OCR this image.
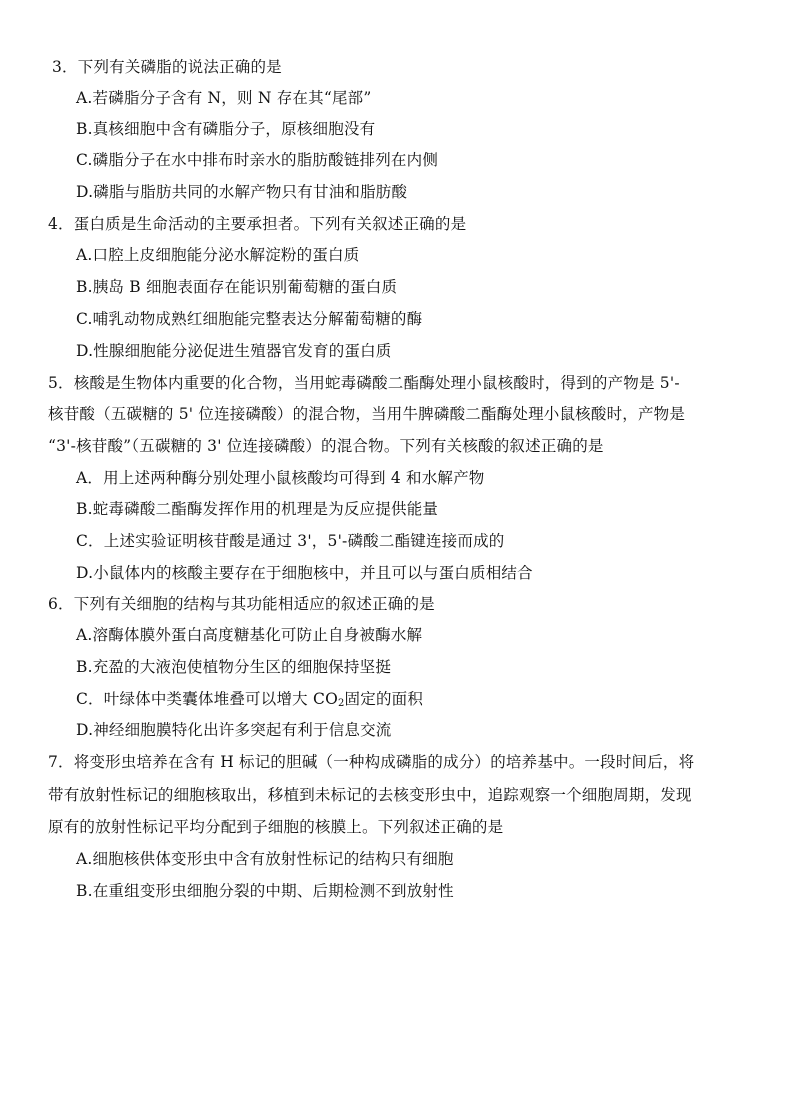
3．下列有关磷脂的说法正确的是
A.若磷脂分子含有 N，则 N 存在其“尾部”
B.真核细胞中含有磷脂分子，原核细胞没有
C.磷脂分子在水中排布时亲水的脂肪酸链排列在内侧
D.磷脂与脂肪共同的水解产物只有甘油和脂肪酸
4．蛋白质是生命活动的主要承担者。下列有关叙述正确的是
A.口腔上皮细胞能分泌水解淀粉的蛋白质
B.胰岛 B 细胞表面存在能识别葡萄糖的蛋白质
C.哺乳动物成熟红细胞能完整表达分解葡萄糖的酶
D.性腺细胞能分泌促进生殖器官发育的蛋白质
5．核酸是生物体内重要的化合物，当用蛇毒磷酸二酯酶处理小鼠核酸时，得到的产物是 5'-
核苷酸（五碳糖的 5' 位连接磷酸）的混合物，当用牛脾磷酸二酯酶处理小鼠核酸时，产物是
“3'-核苷酸”（五碳糖的 3' 位连接磷酸）的混合物。下列有关核酸的叙述正确的是
A．用上述两种酶分别处理小鼠核酸均可得到 4 和水解产物
B.蛇毒磷酸二酯酶发挥作用的机理是为反应提供能量
C．上述实验证明核苷酸是通过 3'，5'-磷酸二酯键连接而成的
D.小鼠体内的核酸主要存在于细胞核中，并且可以与蛋白质相结合
6．下列有关细胞的结构与其功能相适应的叙述正确的是
A.溶酶体膜外蛋白高度糖基化可防止自身被酶水解
B.充盈的大液泡使植物分生区的细胞保持坚挺
C．叶绿体中类囊体堆叠可以增大 $CO_2$固定的面积
D.神经细胞膜特化出许多突起有利于信息交流
7．将变形虫培养在含有 H 标记的胆碱（一种构成磷脂的成分）的培养基中。一段时间后，将
带有放射性标记的细胞核取出，移植到未标记的去核变形虫中，追踪观察一个细胞周期，发现
原有的放射性标记平均分配到子细胞的核膜上。下列叙述正确的是
A.细胞核供体变形虫中含有放射性标记的结构只有细胞
B.在重组变形虫细胞分裂的中期、后期检测不到放射性
